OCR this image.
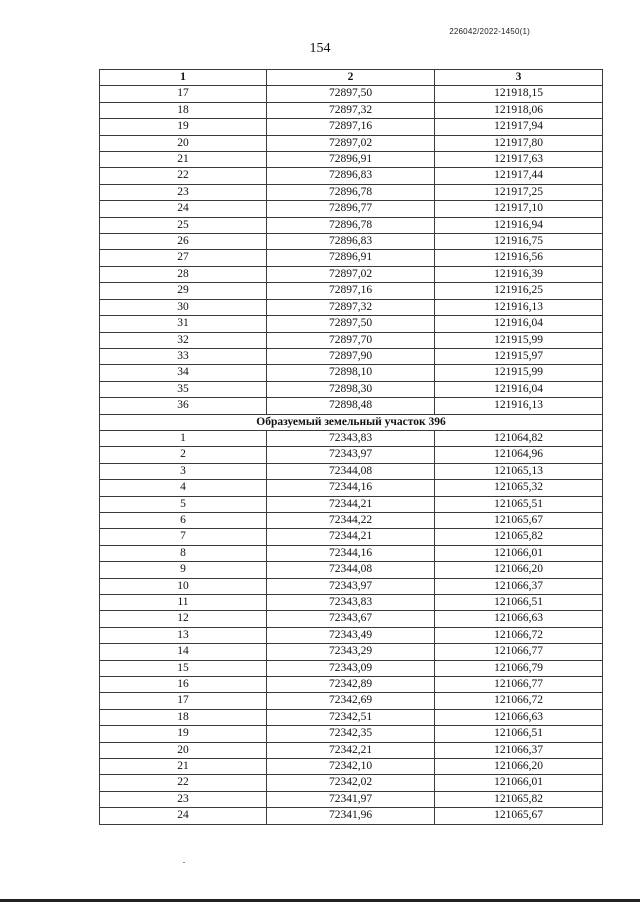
226042/2022-1450(1)
154
1	2	3
17	72897,50	121918,15
18	72897,32	121918,06
19	72897,16	121917,94
20	72897,02	121917,80
21	72896,91	121917,63
22	72896,83	121917,44
23	72896,78	121917,25
24	72896,77	121917,10
25	72896,78	121916,94
26	72896,83	121916,75
27	72896,91	121916,56
28	72897,02	121916,39
29	72897,16	121916,25
30	72897,32	121916,13
31	72897,50	121916,04
32	72897,70	121915,99
33	72897,90	121915,97
34	72898,10	121915,99
35	72898,30	121916,04
36	72898,48	121916,13
Образуемый земельный участок 396		
1	72343,83	121064,82
2	72343,97	121064,96
3	72344,08	121065,13
4	72344,16	121065,32
5	72344,21	121065,51
6	72344,22	121065,67
7	72344,21	121065,82
8	72344,16	121066,01
9	72344,08	121066,20
10	72343,97	121066,37
11	72343,83	121066,51
12	72343,67	121066,63
13	72343,49	121066,72
14	72343,29	121066,77
15	72343,09	121066,79
16	72342,89	121066,77
17	72342,69	121066,72
18	72342,51	121066,63
19	72342,35	121066,51
20	72342,21	121066,37
21	72342,10	121066,20
22	72342,02	121066,01
23	72341,97	121065,82
24	72341,96	121065,67
